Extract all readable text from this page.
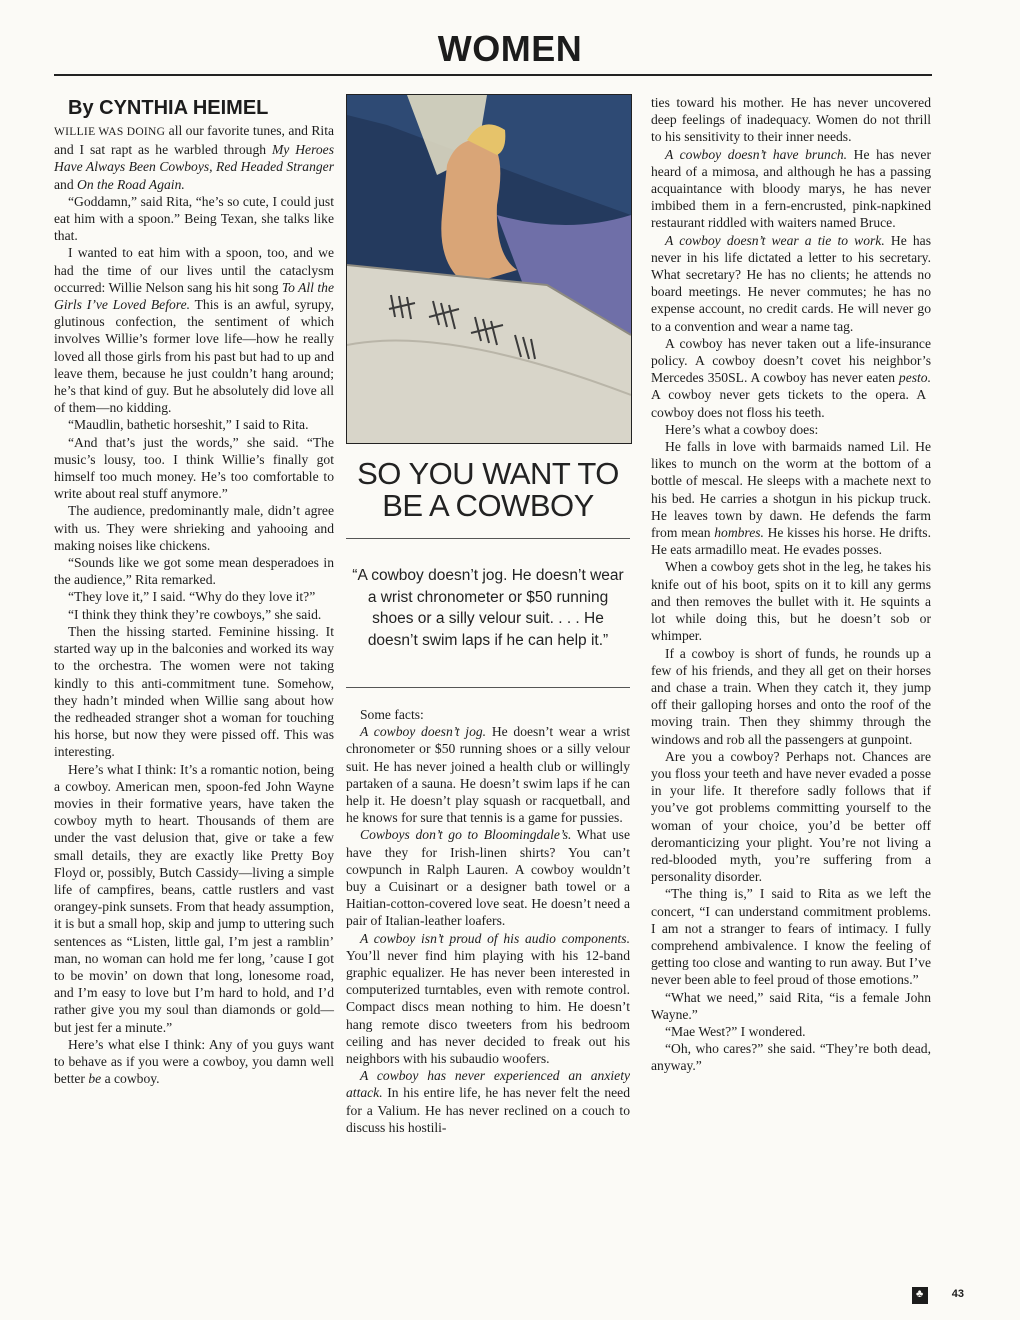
WOMEN

By CYNTHIA HEIMEL

WILLIE WAS DOING all our favorite tunes, and Rita and I sat rapt as he warbled through My Heroes Have Always Been Cowboys, Red Headed Stranger and On the Road Again.

“Goddamn,” said Rita, “he’s so cute, I could just eat him with a spoon.” Being Texan, she talks like that.

I wanted to eat him with a spoon, too, and we had the time of our lives until the cataclysm occurred: Willie Nelson sang his hit song To All the Girls I’ve Loved Before. This is an awful, syrupy, glutinous confection, the sentiment of which involves Willie’s former love life—how he really loved all those girls from his past but had to up and leave them, because he just couldn’t hang around; he’s that kind of guy. But he absolutely did love all of them—no kidding.

“Maudlin, bathetic horseshit,” I said to Rita.

“And that’s just the words,” she said. “The music’s lousy, too. I think Willie’s finally got himself too much money. He’s too comfortable to write about real stuff anymore.”

The audience, predominantly male, didn’t agree with us. They were shrieking and yahooing and making noises like chickens.

“Sounds like we got some mean desperadoes in the audience,” Rita remarked.

“They love it,” I said. “Why do they love it?”

“I think they think they’re cowboys,” she said.

Then the hissing started. Feminine hissing. It started way up in the balconies and worked its way to the orchestra. The women were not taking kindly to this anti-commitment tune. Somehow, they hadn’t minded when Willie sang about how the redheaded stranger shot a woman for touching his horse, but now they were pissed off. This was interesting.

Here’s what I think: It’s a romantic notion, being a cowboy. American men, spoon-fed John Wayne movies in their formative years, have taken the cowboy myth to heart. Thousands of them are under the vast delusion that, give or take a few small details, they are exactly like Pretty Boy Floyd or, possibly, Butch Cassidy—living a simple life of campfires, beans, cattle rustlers and vast orangey-pink sunsets. From that heady assumption, it is but a small hop, skip and jump to uttering such sentences as “Listen, little gal, I’m jest a ramblin’ man, no woman can hold me fer long, ’cause I got to be movin’ on down that long, lonesome road, and I’m easy to love but I’m hard to hold, and I’d rather give you my soul than diamonds or gold—but jest fer a minute.”

Here’s what else I think: Any of you guys want to behave as if you were a cowboy, you damn well better be a cowboy.

SO YOU WANT TO BE A COWBOY
“A cowboy doesn’t jog. He doesn’t wear a wrist chronometer or $50 running shoes or a silly velour suit. . . . He doesn’t swim laps if he can help it.”

Some facts:

A cowboy doesn’t jog. He doesn’t wear a wrist chronometer or $50 running shoes or a silly velour suit. He has never joined a health club or willingly partaken of a sauna. He doesn’t swim laps if he can help it. He doesn’t play squash or racquetball, and he knows for sure that tennis is a game for pussies.

Cowboys don’t go to Bloomingdale’s. What use have they for Irish-linen shirts? You can’t cowpunch in Ralph Lauren. A cowboy wouldn’t buy a Cuisinart or a designer bath towel or a Haitian-cotton-covered love seat. He doesn’t need a pair of Italian-leather loafers.

A cowboy isn’t proud of his audio components. You’ll never find him playing with his 12-band graphic equalizer. He has never been interested in computerized turntables, even with remote control. Compact discs mean nothing to him. He doesn’t hang remote disco tweeters from his bedroom ceiling and has never decided to freak out his neighbors with his subaudio woofers.

A cowboy has never experienced an anxiety attack. In his entire life, he has never felt the need for a Valium. He has never reclined on a couch to discuss his hostili-

ties toward his mother. He has never uncovered deep feelings of inadequacy. Women do not thrill to his sensitivity to their inner needs.

A cowboy doesn’t have brunch. He has never heard of a mimosa, and although he has a passing acquaintance with bloody marys, he has never imbibed them in a fern-encrusted, pink-napkined restaurant riddled with waiters named Bruce.

A cowboy doesn’t wear a tie to work. He has never in his life dictated a letter to his secretary. What secretary? He has no clients; he attends no board meetings. He never commutes; he has no expense account, no credit cards. He will never go to a convention and wear a name tag.

A cowboy has never taken out a life-insurance policy. A cowboy doesn’t covet his neighbor’s Mercedes 350SL. A cowboy has never eaten pesto. A cowboy never gets tickets to the opera. A cowboy does not floss his teeth.

Here’s what a cowboy does:

He falls in love with barmaids named Lil. He likes to munch on the worm at the bottom of a bottle of mescal. He sleeps with a machete next to his bed. He carries a shotgun in his pickup truck. He leaves town by dawn. He defends the farm from mean hombres. He kisses his horse. He drifts. He eats armadillo meat. He evades posses.

When a cowboy gets shot in the leg, he takes his knife out of his boot, spits on it to kill any germs and then removes the bullet with it. He squints a lot while doing this, but he doesn’t sob or whimper.

If a cowboy is short of funds, he rounds up a few of his friends, and they all get on their horses and chase a train. When they catch it, they jump off their galloping horses and onto the roof of the moving train. Then they shimmy through the windows and rob all the passengers at gunpoint.

Are you a cowboy? Perhaps not. Chances are you floss your teeth and have never evaded a posse in your life. It therefore sadly follows that if you’ve got problems committing yourself to the woman of your choice, you’d be better off deromanticizing your plight. You’re not living a red-blooded myth, you’re suffering from a personality disorder.

“The thing is,” I said to Rita as we left the concert, “I can understand commitment problems. I am not a stranger to fears of intimacy. I fully comprehend ambivalence. I know the feeling of getting too close and wanting to run away. But I’ve never been able to feel proud of those emotions.”

“What we need,” said Rita, “is a female John Wayne.”

“Mae West?” I wondered.

“Oh, who cares?” she said. “They’re both dead, anyway.”

♣	43
